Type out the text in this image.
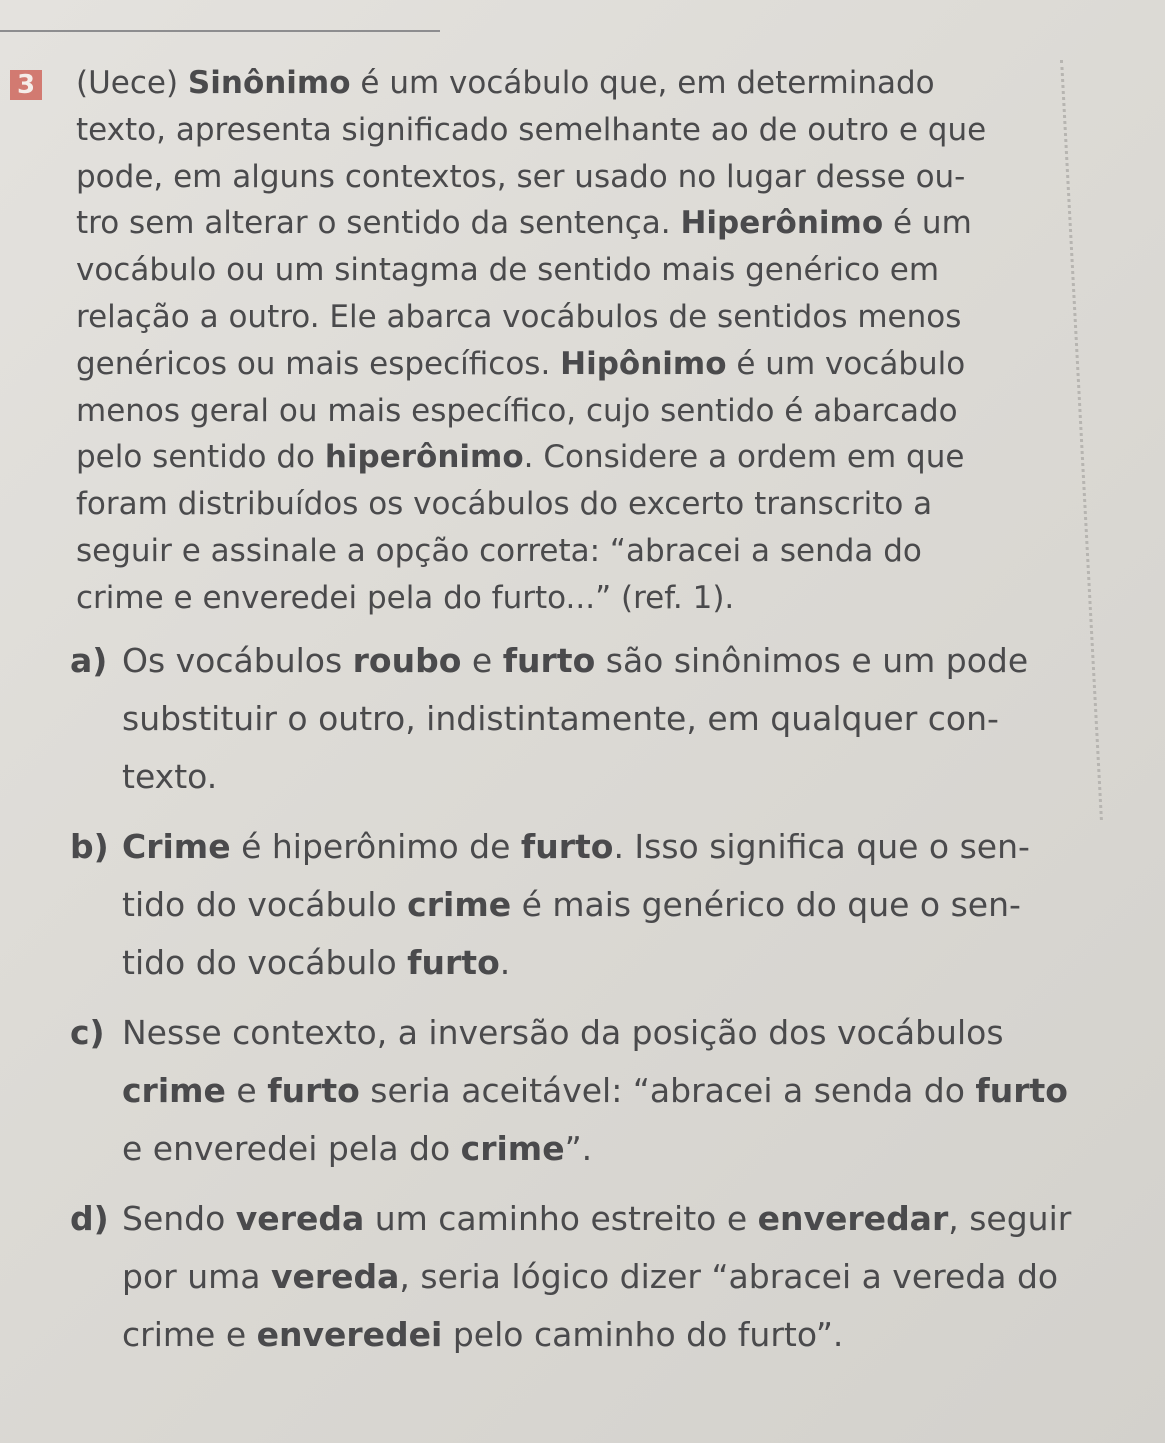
3 (Uece) Sinônimo é um vocábulo que, em determinado
texto, apresenta significado semelhante ao de outro e que
pode, em alguns contextos, ser usado no lugar desse ou-
tro sem alterar o sentido da sentença. Hiperônimo é um
vocábulo ou um sintagma de sentido mais genérico em
relação a outro. Ele abarca vocábulos de sentidos menos
genéricos ou mais específicos. Hipônimo é um vocábulo
menos geral ou mais específico, cujo sentido é abarcado
pelo sentido do hiperônimo. Considere a ordem em que
foram distribuídos os vocábulos do excerto transcrito a
seguir e assinale a opção correta: “abracei a senda do
crime e enveredei pela do furto...” (ref. 1).
a) Os vocábulos roubo e furto são sinônimos e um pode
substituir o outro, indistintamente, em qualquer con-
texto.
b) Crime é hiperônimo de furto. Isso significa que o sen-
tido do vocábulo crime é mais genérico do que o sen-
tido do vocábulo furto.
c) Nesse contexto, a inversão da posição dos vocábulos
crime e furto seria aceitável: “abracei a senda do furto
e enveredei pela do crime”.
d) Sendo vereda um caminho estreito e enveredar, seguir
por uma vereda, seria lógico dizer “abracei a vereda do
crime e enveredei pelo caminho do furto”.
